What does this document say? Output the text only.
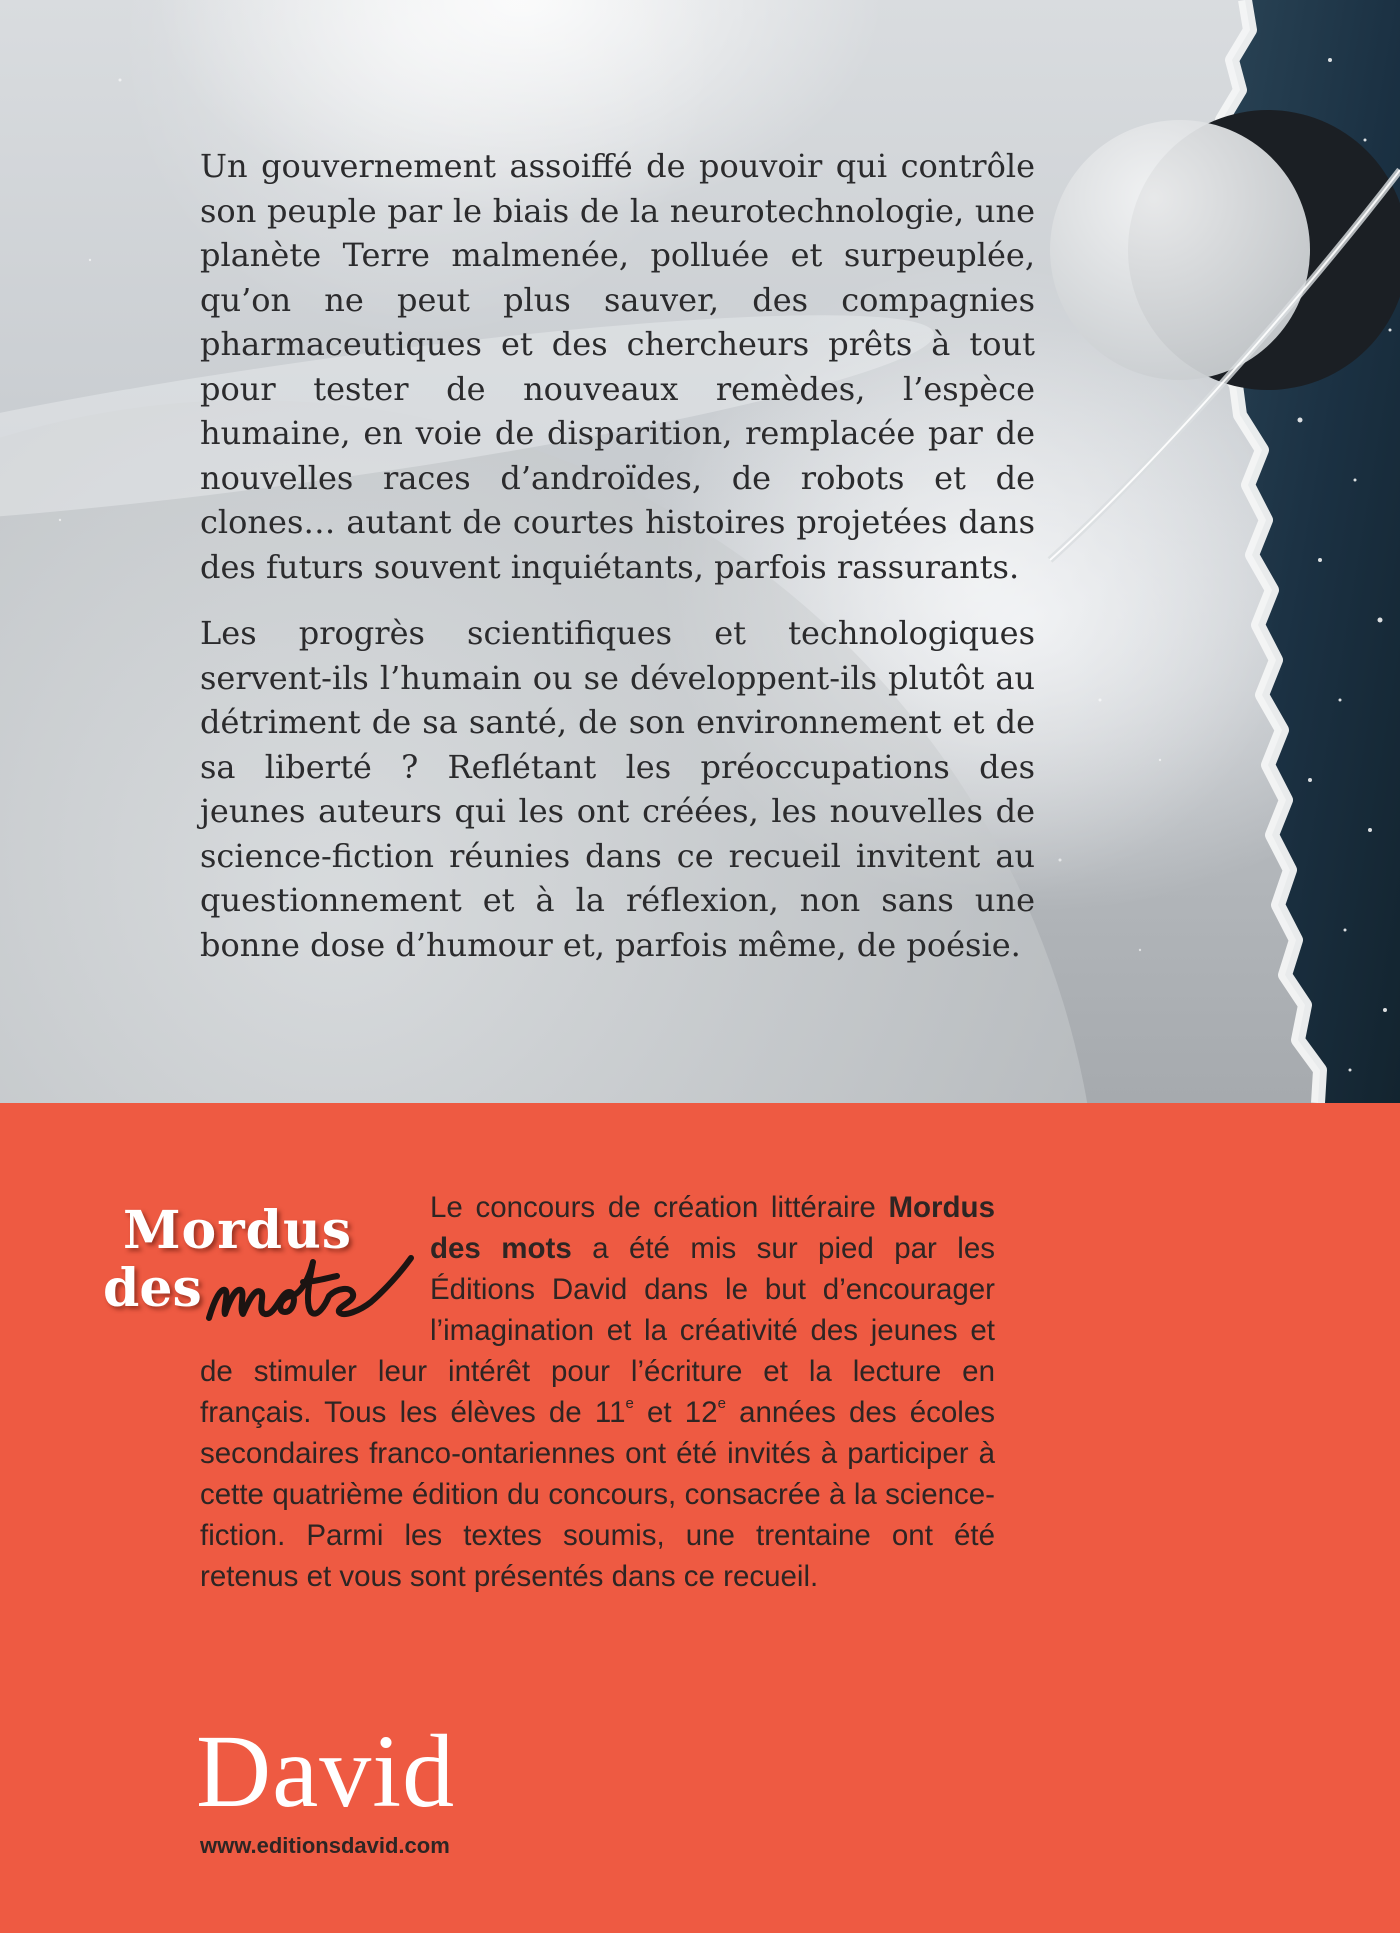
Un gouvernement assoiffé de pouvoir qui contrôle son peuple par le biais de la neurotechnologie, une planète Terre malmenée, polluée et surpeuplée, qu’on ne peut plus sauver, des compagnies pharmaceutiques et des chercheurs prêts à tout pour tester de nouveaux remèdes, l’espèce humaine, en voie de disparition, remplacée par de nouvelles races d’androïdes, de robots et de clones… autant de courtes histoires projetées dans des futurs souvent inquiétants, parfois rassurants.

Les progrès scientifiques et technologiques servent-ils l’humain ou se développent-ils plutôt au détriment de sa santé, de son environnement et de sa liberté ? Reflétant les préoccupations des jeunes auteurs qui les ont créées, les nouvelles de science-fiction réunies dans ce recueil invitent au questionnement et à la réflexion, non sans une bonne dose d’humour et, parfois même, de poésie.

Mordus
des
Le concours de création littéraire Mordus des mots a été mis sur pied par les Éditions David dans le but d’encourager l’imagination et la créativité des jeunes et de stimuler leur intérêt pour l’écriture et la lecture en français. Tous les élèves de 11e et 12e années des écoles secondaires franco-ontariennes ont été invités à participer à cette quatrième édition du concours, consacrée à la science-fiction. Parmi les textes soumis, une trentaine ont été retenus et vous sont présentés dans ce recueil.
David
www.editionsdavid.com
